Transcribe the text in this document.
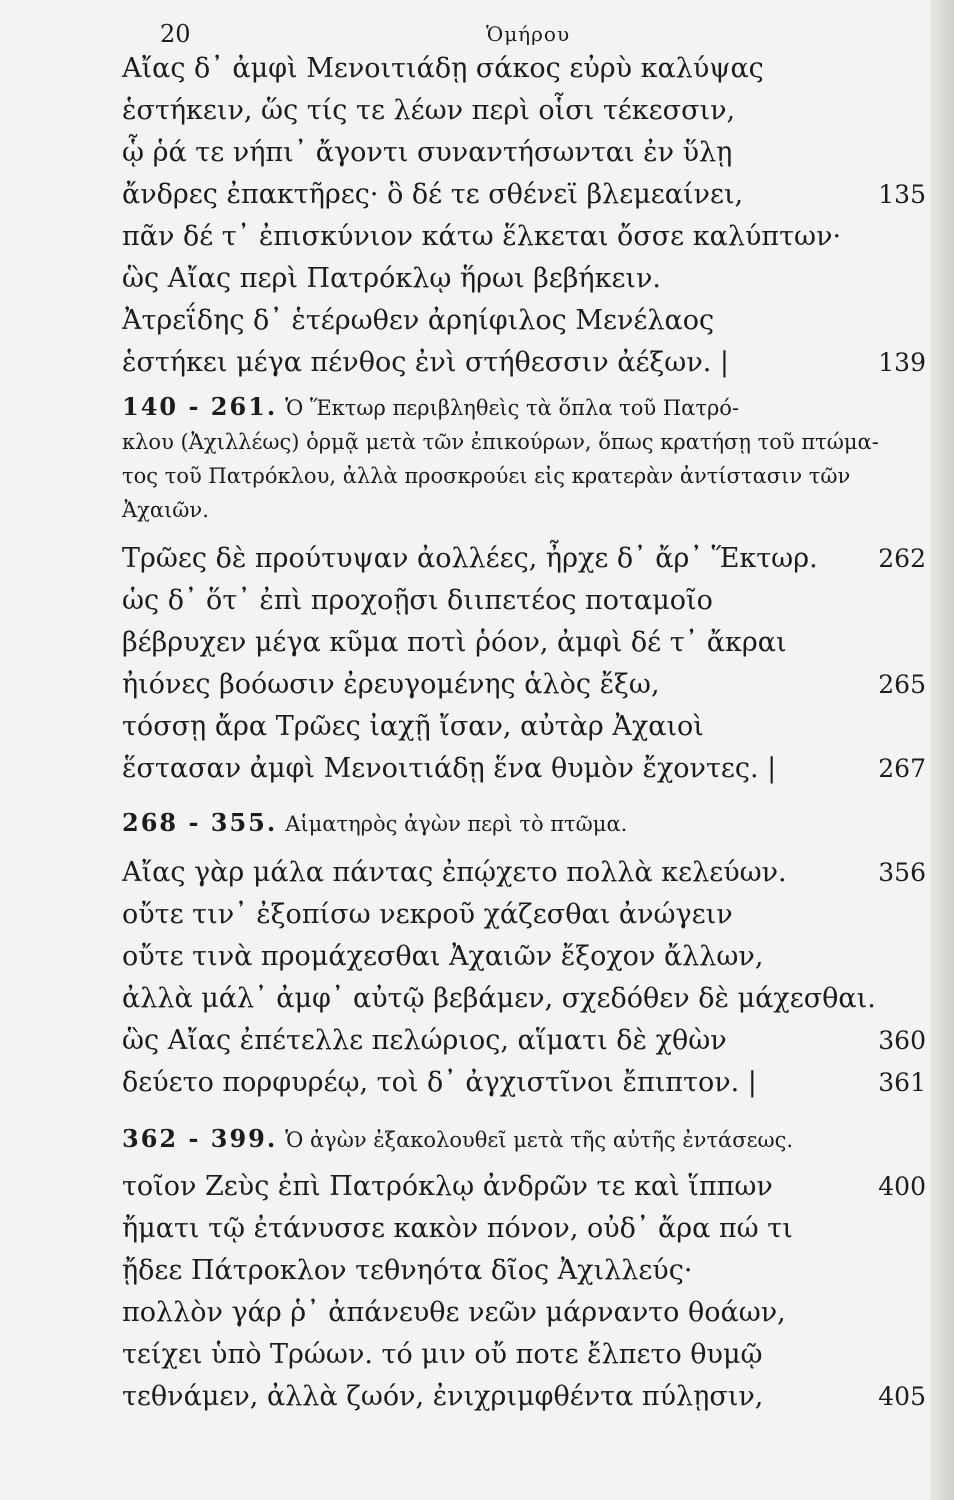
20	Ὁμήρου
Αἴας δ᾽ ἀμφὶ Μενοιτιάδῃ σάκος εὐρὺ καλύψας
ἑστήκειν, ὥς τίς τε λέων περὶ οἷσι τέκεσσιν,
ᾧ ῥά τε νήπι᾽ ἄγοντι συναντήσωνται ἐν ὕλῃ
ἄνδρες ἐπακτῆρες· ὃ δέ τε σθένεϊ βλεμεαίνει,	135
πᾶν δέ τ᾽ ἐπισκύνιον κάτω ἕλκεται ὄσσε καλύπτων·
ὣς Αἴας περὶ Πατρόκλῳ ἥρωι βεβήκειν.
Ἀτρεΐδης δ᾽ ἑτέρωθεν ἀρηίφιλος Μενέλαος
ἑστήκει μέγα πένθος ἐνὶ στήθεσσιν ἀέξων. |	139
140 - 261. Ὁ Ἕκτωρ περιβληθεὶς τὰ ὅπλα τοῦ Πατρό-
κλου (Ἀχιλλέως) ὁρμᾷ μετὰ τῶν ἐπικούρων, ὅπως κρατήσῃ τοῦ πτώμα-
τος τοῦ Πατρόκλου, ἀλλὰ προσκρούει εἰς κρατερὰν ἀντίστασιν τῶν
Ἀχαιῶν.
Τρῶες δὲ προύτυψαν ἀολλέες, ἦρχε δ᾽ ἄρ᾽ Ἕκτωρ. 262
ὡς δ᾽ ὅτ᾽ ἐπὶ προχοῇσι διιπετέος ποταμοῖο
βέβρυχεν μέγα κῦμα ποτὶ ῥόον, ἀμφὶ δέ τ᾽ ἄκραι
ἠιόνες βοόωσιν ἐρευγομένης ἁλὸς ἔξω,	265
τόσσῃ ἄρα Τρῶες ἰαχῇ ἴσαν, αὐτὰρ Ἀχαιοὶ
ἕστασαν ἀμφὶ Μενοιτιάδῃ ἕνα θυμὸν ἔχοντες. |	267
268 - 355. Αἱματηρὸς ἀγὼν περὶ τὸ πτῶμα.
Αἴας γὰρ μάλα πάντας ἐπῴχετο πολλὰ κελεύων.	356
οὔτε τιν᾽ ἐξοπίσω νεκροῦ χάζεσθαι ἀνώγειν
οὔτε τινὰ προμάχεσθαι Ἀχαιῶν ἔξοχον ἄλλων,
ἀλλὰ μάλ᾽ ἀμφ᾽ αὐτῷ βεβάμεν, σχεδόθεν δὲ μάχεσθαι.
ὣς Αἴας ἐπέτελλε πελώριος, αἵματι δὲ χθὼν	360
δεύετο πορφυρέῳ, τοὶ δ᾽ ἀγχιστῖνοι ἔπιπτον. |	361
362 - 399. Ὁ ἀγὼν ἐξακολουθεῖ μετὰ τῆς αὐτῆς ἐντάσεως.
τοῖον Ζεὺς ἐπὶ Πατρόκλῳ ἀνδρῶν τε καὶ ἵππων	400
ἤματι τῷ ἐτάνυσσε κακὸν πόνον, οὐδ᾽ ἄρα πώ τι
ᾔδεε Πάτροκλον τεθνηότα δῖος Ἀχιλλεύς·
πολλὸν γάρ ῥ᾽ ἀπάνευθε νεῶν μάρναντο θοάων,
τείχει ὑπὸ Τρώων. τό μιν οὔ ποτε ἔλπετο θυμῷ
τεθνάμεν, ἀλλὰ ζωόν, ἐνιχριμφθέντα πύλῃσιν,	405
